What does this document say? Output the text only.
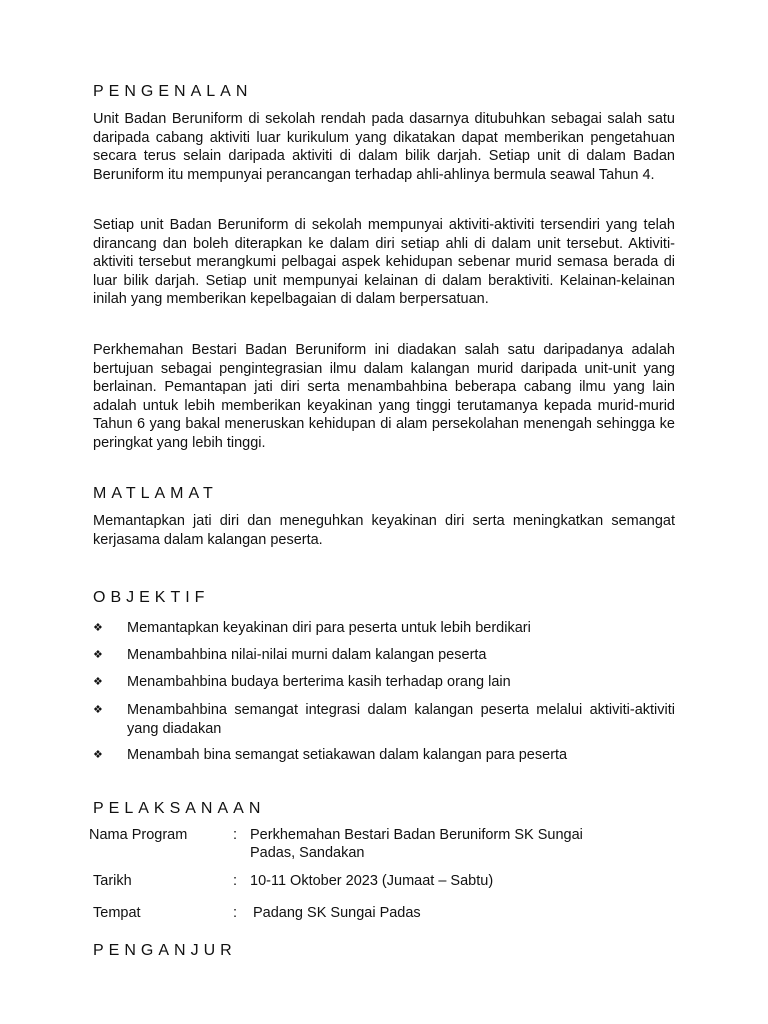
PENGENALAN

Unit Badan Beruniform di sekolah rendah pada dasarnya ditubuhkan sebagai salah satu daripada cabang aktiviti luar kurikulum yang dikatakan dapat memberikan pengetahuan secara terus selain daripada aktiviti di dalam bilik darjah. Setiap unit di dalam Badan Beruniform itu mempunyai perancangan terhadap ahli-ahlinya bermula seawal Tahun 4.

Setiap unit Badan Beruniform di sekolah mempunyai aktiviti-aktiviti tersendiri yang telah dirancang dan boleh diterapkan ke dalam diri setiap ahli di dalam unit tersebut. Aktiviti- aktiviti tersebut merangkumi pelbagai aspek kehidupan sebenar murid semasa berada di luar bilik darjah. Setiap unit mempunyai kelainan di dalam beraktiviti. Kelainan-kelainan inilah yang memberikan kepelbagaian di dalam berpersatuan.

Perkhemahan Bestari Badan Beruniform ini diadakan salah satu daripadanya adalah bertujuan sebagai pengintegrasian ilmu dalam kalangan murid daripada unit-unit yang berlainan. Pemantapan jati diri serta menambahbina beberapa cabang ilmu yang lain adalah untuk lebih memberikan keyakinan yang tinggi terutamanya kepada murid-murid Tahun 6 yang bakal meneruskan kehidupan di alam persekolahan menengah sehingga ke peringkat yang lebih tinggi.

MATLAMAT

Memantapkan jati diri dan meneguhkan keyakinan diri serta meningkatkan semangat kerjasama dalam kalangan peserta.

OBJEKTIF
❖	Memantapkan keyakinan diri para peserta untuk lebih berdikari
❖	Menambahbina nilai-nilai murni dalam kalangan peserta
❖	Menambahbina budaya berterima kasih terhadap orang lain
❖	Menambahbina semangat integrasi dalam kalangan peserta melalui aktiviti-aktiviti yang diadakan
❖	Menambah bina semangat setiakawan dalam kalangan para peserta
PELAKSANAAN
Nama Program	: Perkhemahan Bestari Badan Beruniform SK Sungai
Padas, Sandakan
Tarikh	: 10-11 Oktober 2023 (Jumaat – Sabtu)
Tempat	: Padang SK Sungai Padas
PENGANJUR
